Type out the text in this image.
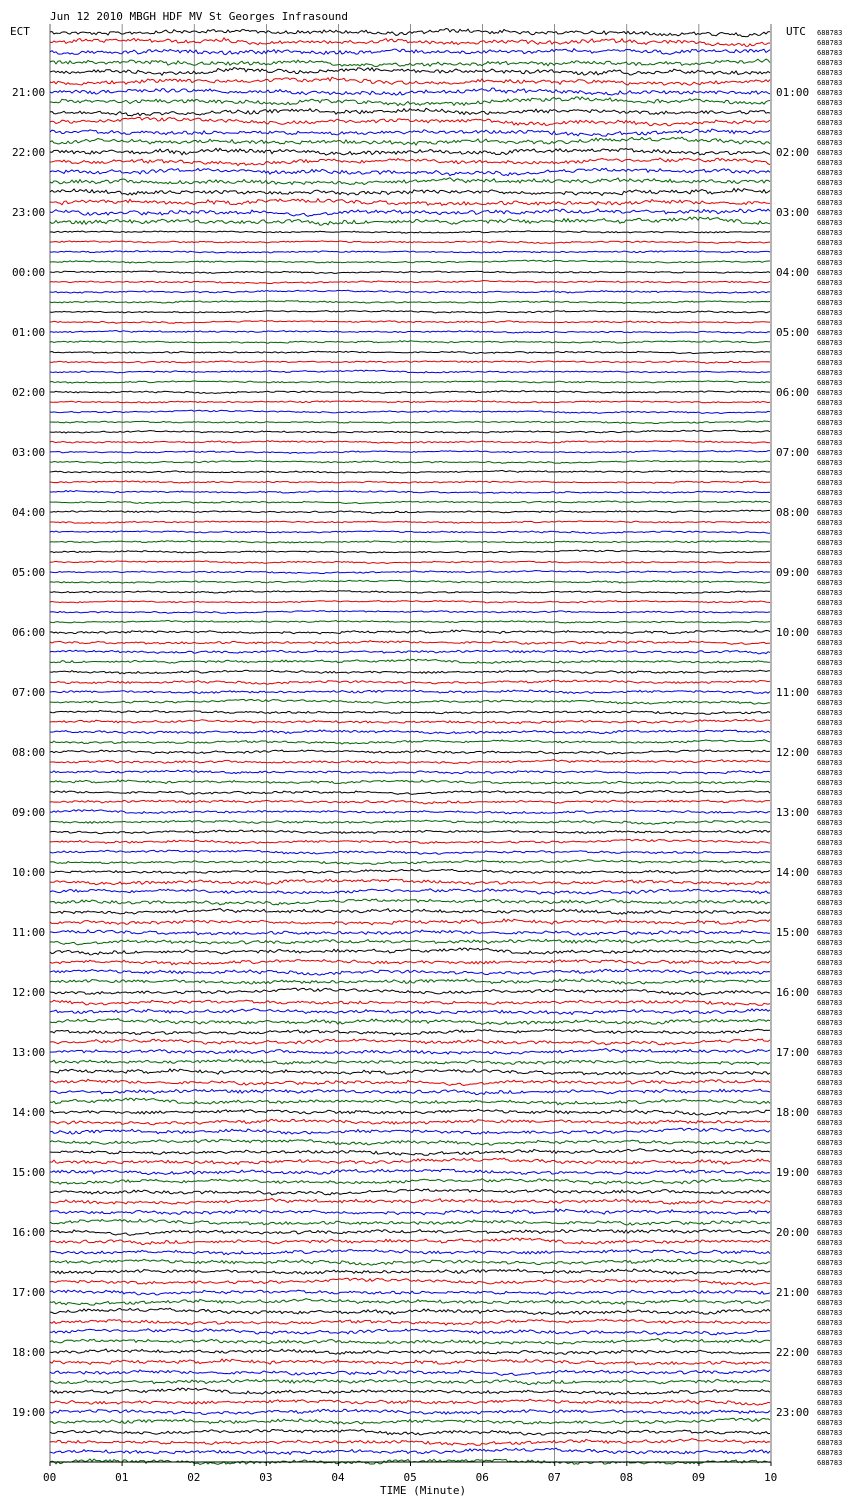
Jun 12 2010 MBGH HDF MV St Georges Infrasound
ECT	UTC
21:00
22:00
23:00
00:00
01:00
02:00
03:00
04:00
05:00
06:00
07:00
08:00
09:00
10:00
11:00
12:00
13:00
14:00
15:00
16:00
17:00
18:00
19:00
01:00
02:00
03:00
04:00
05:00
06:00
07:00
08:00
09:00
10:00
11:00
12:00
13:00
14:00
15:00
16:00
17:00
18:00
19:00
20:00
21:00
22:00
23:00
688783
688783
688783
688783
688783
688783
688783
688783
688783
688783
688783
688783
688783
688783
688783
688783
688783
688783
688783
688783
688783
688783
688783
688783
688783
688783
688783
688783
688783
688783
688783
688783
688783
688783
688783
688783
688783
688783
688783
688783
688783
688783
688783
688783
688783
688783
688783
688783
688783
688783
688783
688783
688783
688783
688783
688783
688783
688783
688783
688783
688783
688783
688783
688783
688783
688783
688783
688783
688783
688783
688783
688783
688783
688783
688783
688783
688783
688783
688783
688783
688783
688783
688783
688783
688783
688783
688783
688783
688783
688783
688783
688783
688783
688783
688783
688783
688783
688783
688783
688783
688783
688783
688783
688783
688783
688783
688783
688783
688783
688783
688783
688783
688783
688783
688783
688783
688783
688783
688783
688783
688783
688783
688783
688783
688783
688783
688783
688783
688783
688783
688783
688783
688783
688783
688783
688783
688783
688783
688783
688783
688783
688783
688783
688783
00	01	02	03	04	05	06	07	08	09	10
TIME (Minute)
